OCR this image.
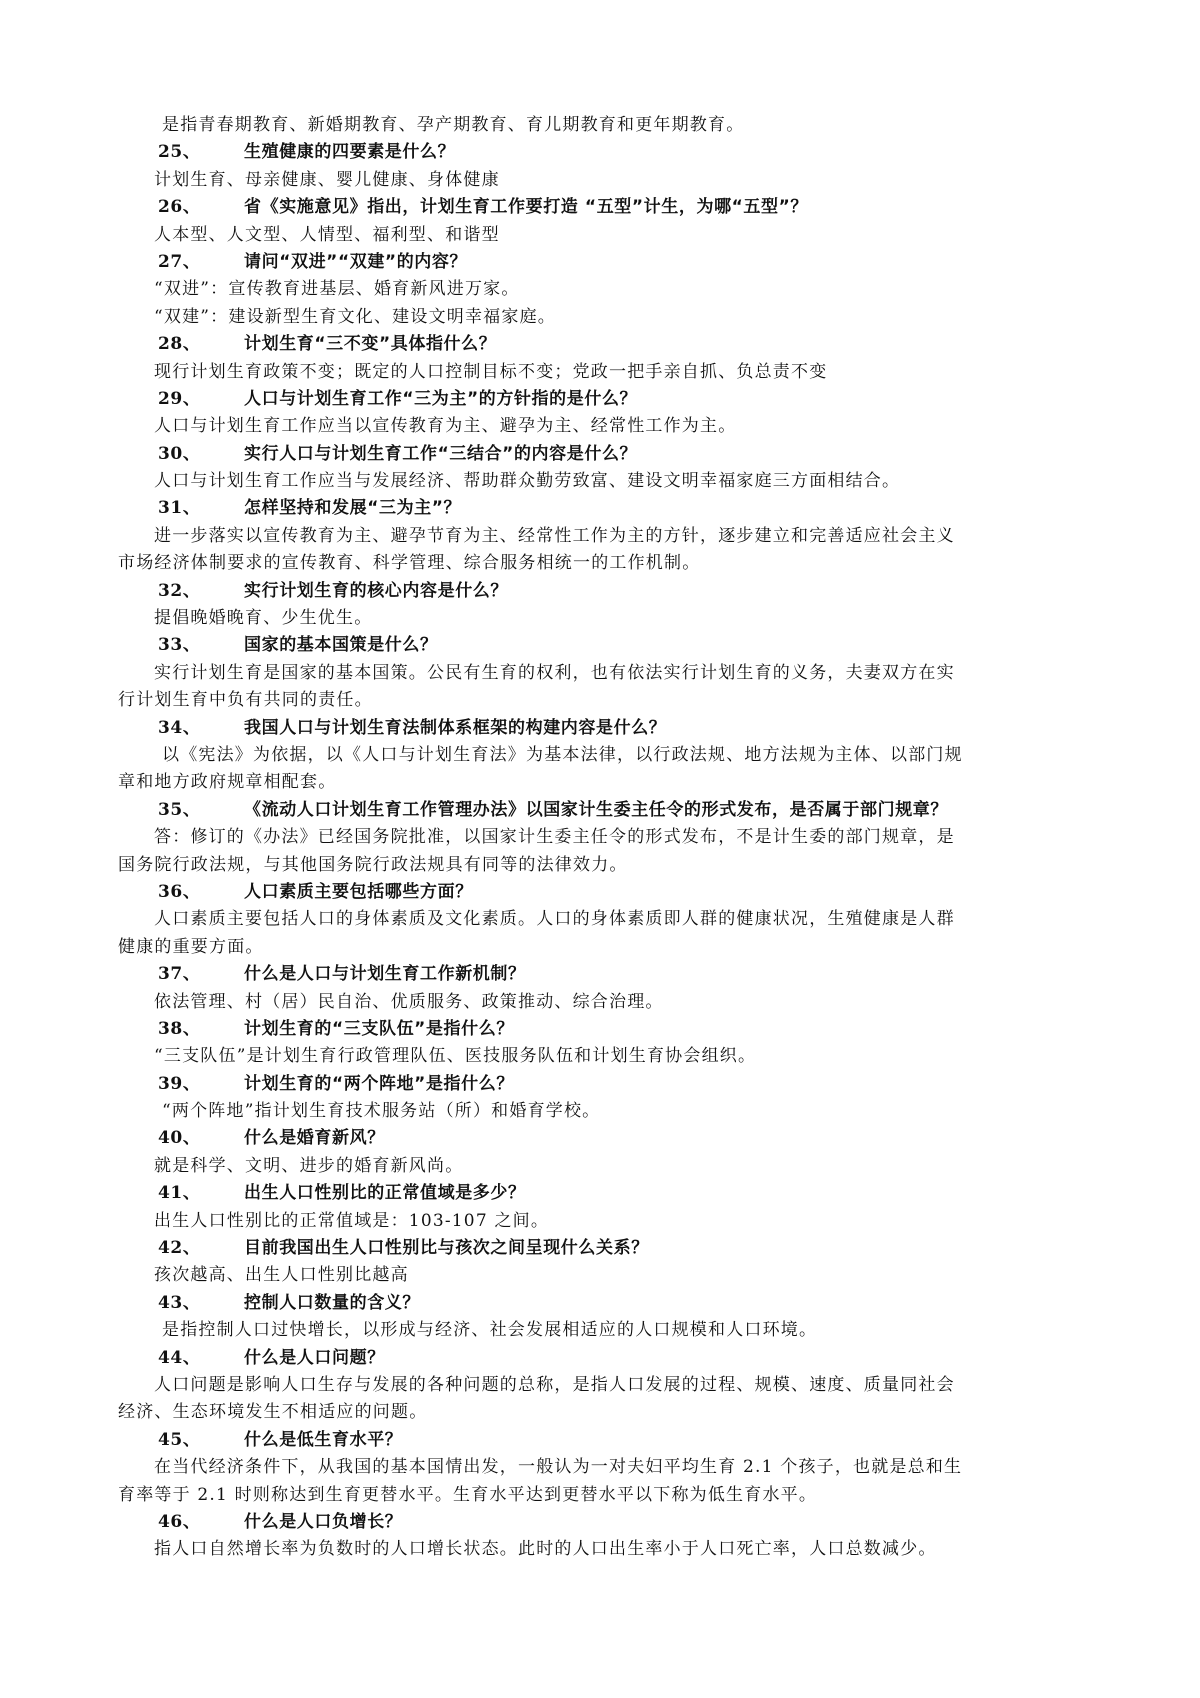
是指青春期教育、新婚期教育、孕产期教育、育儿期教育和更年期教育。
25、	生殖健康的四要素是什么？
计划生育、母亲健康、婴儿健康、身体健康
26、	省《实施意见》指出，计划生育工作要打造 “五型”计生，为哪“五型”？
人本型、人文型、人情型、福利型、和谐型
27、	请问“双进”“双建”的内容？
“双进”：宣传教育进基层、婚育新风进万家。
“双建”：建设新型生育文化、建设文明幸福家庭。
28、	计划生育“三不变”具体指什么？
现行计划生育政策不变；既定的人口控制目标不变；党政一把手亲自抓、负总责不变
29、	人口与计划生育工作“三为主”的方针指的是什么？
人口与计划生育工作应当以宣传教育为主、避孕为主、经常性工作为主。
30、	实行人口与计划生育工作“三结合”的内容是什么？
人口与计划生育工作应当与发展经济、帮助群众勤劳致富、建设文明幸福家庭三方面相结合。
31、	怎样坚持和发展“三为主”？
进一步落实以宣传教育为主、避孕节育为主、经常性工作为主的方针，逐步建立和完善适应社会主义
市场经济体制要求的宣传教育、科学管理、综合服务相统一的工作机制。
32、	实行计划生育的核心内容是什么？
提倡晚婚晚育、少生优生。
33、	国家的基本国策是什么？
实行计划生育是国家的基本国策。公民有生育的权利，也有依法实行计划生育的义务，夫妻双方在实
行计划生育中负有共同的责任。
34、	我国人口与计划生育法制体系框架的构建内容是什么？
以《宪法》为依据，以《人口与计划生育法》为基本法律，以行政法规、地方法规为主体、以部门规
章和地方政府规章相配套。
35、	《流动人口计划生育工作管理办法》以国家计生委主任令的形式发布，是否属于部门规章？
答：修订的《办法》已经国务院批准，以国家计生委主任令的形式发布，不是计生委的部门规章，是
国务院行政法规，与其他国务院行政法规具有同等的法律效力。
36、	人口素质主要包括哪些方面？
人口素质主要包括人口的身体素质及文化素质。人口的身体素质即人群的健康状况，生殖健康是人群
健康的重要方面。
37、	什么是人口与计划生育工作新机制？
依法管理、村（居）民自治、优质服务、政策推动、综合治理。
38、	计划生育的“三支队伍”是指什么？
“三支队伍”是计划生育行政管理队伍、医技服务队伍和计划生育协会组织。
39、	计划生育的“两个阵地”是指什么？
“两个阵地”指计划生育技术服务站（所）和婚育学校。
40、	什么是婚育新风？
就是科学、文明、进步的婚育新风尚。
41、	出生人口性别比的正常值域是多少？
出生人口性别比的正常值域是：103-107 之间。
42、	目前我国出生人口性别比与孩次之间呈现什么关系？
孩次越高、出生人口性别比越高
43、	控制人口数量的含义？
是指控制人口过快增长，以形成与经济、社会发展相适应的人口规模和人口环境。
44、	什么是人口问题？
人口问题是影响人口生存与发展的各种问题的总称，是指人口发展的过程、规模、速度、质量同社会
经济、生态环境发生不相适应的问题。
45、	什么是低生育水平？
在当代经济条件下，从我国的基本国情出发，一般认为一对夫妇平均生育 2.1 个孩子，也就是总和生
育率等于 2.1 时则称达到生育更替水平。生育水平达到更替水平以下称为低生育水平。
46、	什么是人口负增长？
指人口自然增长率为负数时的人口增长状态。此时的人口出生率小于人口死亡率，人口总数减少。
